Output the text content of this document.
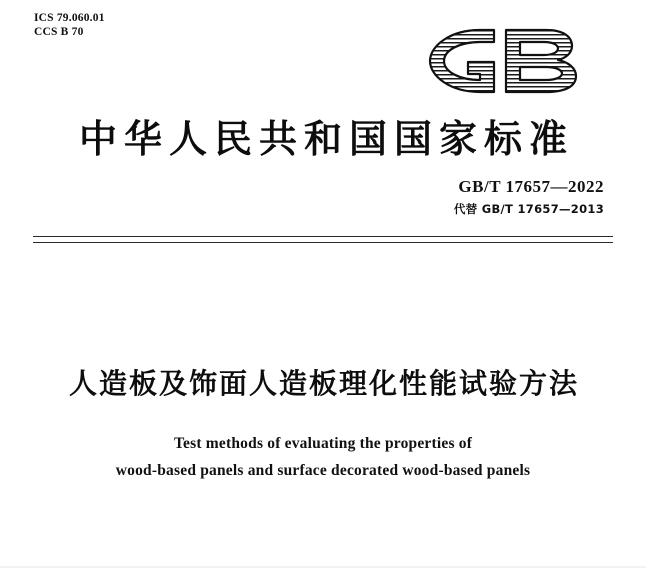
ICS 79.060.01
CCS B 70
中华人民共和国国家标准
GB/T 17657—2022
代替 GB/T 17657—2013
人造板及饰面人造板理化性能试验方法
Test methods of evaluating the properties of
wood-based panels and surface decorated wood-based panels
